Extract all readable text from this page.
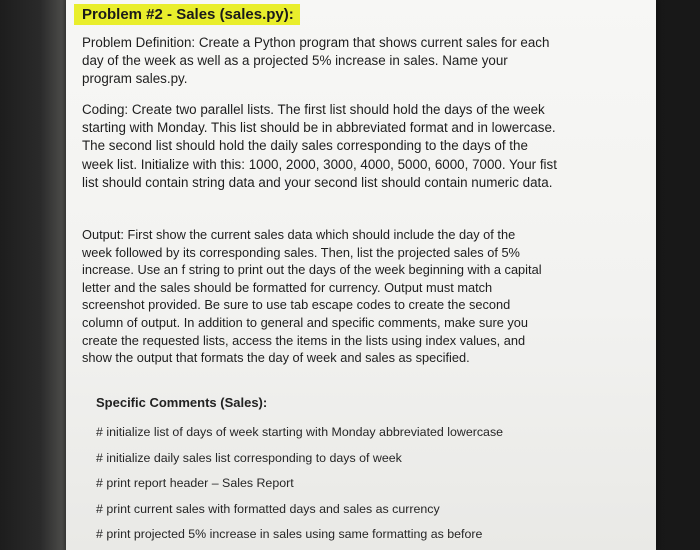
Problem #2 - Sales (sales.py):

Problem Definition: Create a Python program that shows current sales for each day of the week as well as a projected 5% increase in sales. Name your program sales.py.

Coding: Create two parallel lists. The first list should hold the days of the week starting with Monday. This list should be in abbreviated format and in lowercase. The second list should hold the daily sales corresponding to the days of the week list. Initialize with this: 1000, 2000, 3000, 4000, 5000, 6000, 7000. Your fist list should contain string data and your second list should contain numeric data.

Output: First show the current sales data which should include the day of the week followed by its corresponding sales. Then, list the projected sales of 5% increase. Use an f string to print out the days of the week beginning with a capital letter and the sales should be formatted for currency. Output must match screenshot provided. Be sure to use tab escape codes to create the second column of output. In addition to general and specific comments, make sure you create the requested lists, access the items in the lists using index values, and show the output that formats the day of week and sales as specified.

Specific Comments (Sales):

# initialize list of days of week starting with Monday abbreviated lowercase
# initialize daily sales list corresponding to days of week
# print report header – Sales Report
# print current sales with formatted days and sales as currency
# print projected 5% increase in sales using same formatting as before
